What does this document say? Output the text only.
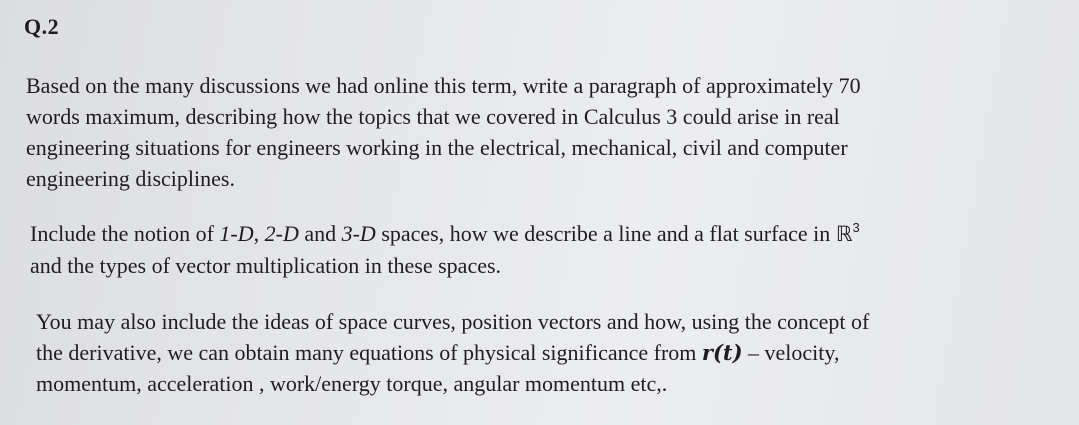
Q.2
Based on the many discussions we had online this term, write a paragraph of approximately 70
words maximum, describing how the topics that we covered in Calculus 3 could arise in real
engineering situations for engineers working in the electrical, mechanical, civil and computer
engineering disciplines.
Include the notion of 1-D, 2-D and 3-D spaces, how we describe a line and a flat surface in ℝ$^3$
and the types of vector multiplication in these spaces.
You may also include the ideas of space curves, position vectors and how, using the concept of
the derivative, we can obtain many equations of physical significance from r(t) – velocity,
momentum, acceleration , work/energy torque, angular momentum etc,.
